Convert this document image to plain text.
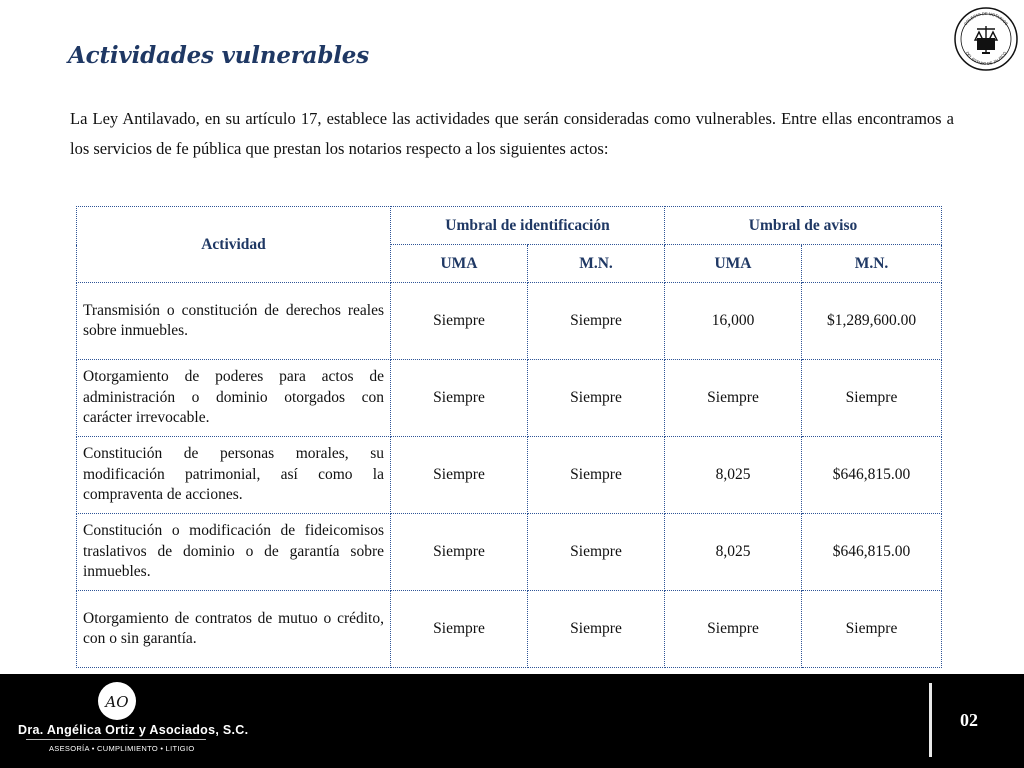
Actividades vulnerables
COLEGIO DE NOTARIOS
DEL ESTADO DE JALISCO
La Ley Antilavado, en su artículo 17, establece las actividades que serán consideradas como vulnerables. Entre ellas encontramos a los servicios de fe pública que prestan los notarios respecto a los siguientes actos:
Actividad	Umbral de identificación		Umbral de aviso	
	UMA	M.N.	UMA	M.N.
Transmisión o constitución de derechos reales sobre inmuebles.	Siempre	Siempre	16,000	$1,289,600.00
Otorgamiento de poderes para actos de administración o dominio otorgados con carácter irrevocable.	Siempre	Siempre	Siempre	Siempre
Constitución de personas morales, su modificación patrimonial, así como la compraventa de acciones.	Siempre	Siempre	8,025	$646,815.00
Constitución o modificación de fideicomisos traslativos de dominio o de garantía sobre inmuebles.	Siempre	Siempre	8,025	$646,815.00
Otorgamiento de contratos de mutuo o crédito, con o sin garantía.	Siempre	Siempre	Siempre	Siempre
AO
Dra. Angélica Ortiz y Asociados, S.C.
ASESORÍA • CUMPLIMIENTO • LITIGIO
02
